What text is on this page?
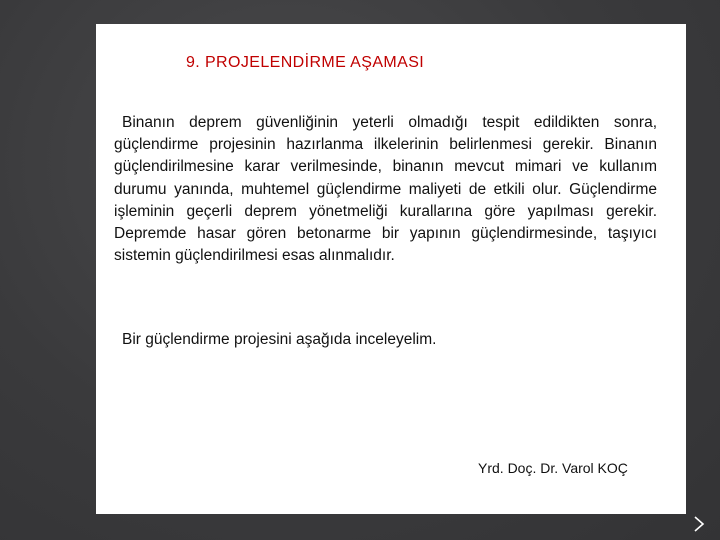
9. PROJELENDİRME AŞAMASI

Binanın deprem güvenliğinin yeterli olmadığı tespit edildikten sonra, güçlendirme projesinin hazırlanma ilkelerinin belirlenmesi gerekir. Binanın güçlendirilmesine karar verilmesinde, binanın mevcut mimari ve kullanım durumu yanında, muhtemel güçlendirme maliyeti de etkili olur. Güçlendirme işleminin geçerli deprem yönetmeliği kurallarına göre yapılması gerekir. Depremde hasar gören betonarme bir yapının güçlendirmesinde, taşıyıcı sistemin güçlendirilmesi esas alınmalıdır.

Bir güçlendirme projesini aşağıda inceleyelim.

Yrd. Doç. Dr. Varol KOÇ
